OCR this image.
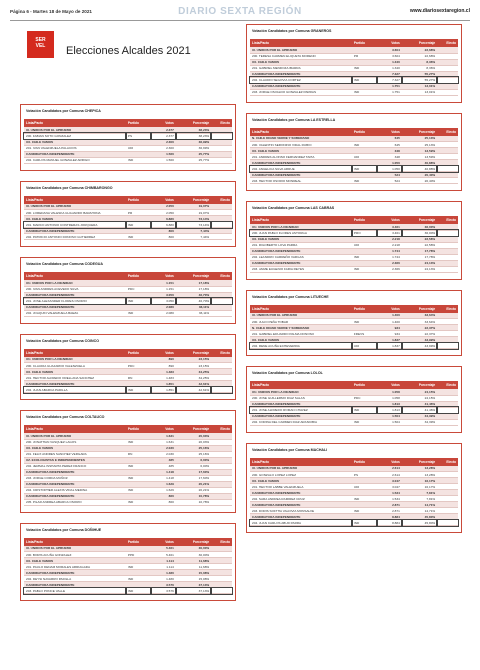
Página 6 - Martes 18 de Mayo de 2021	DIARIO SEXTA REGIÓN	www.diariosextaregion.cl
SER
VEL	Elecciones Alcaldes 2021
Votación Candidatos por Comuna CHEPICA
Lista/Pacto	Partido	Votos	Porcentaje	Electo
XI. UNIDOS POR EL APRUEBO		2.377	38,23%	
200. FABIAN SOTO GONZALEZ	PS	2.377	38,23%	
XX. CHILE VAMOS		2.300	36,99%	
201. IVAN VALENZUELA PALACIOS	UDI	2.300	36,99%	
CANDIDATURA INDEPENDIENTE		1.560	25,77%	
202. CARLOS MANUEL GONZALEZ ARRIGO	IND	1.560	25,77%	
Votación Candidatos por Comuna CHIMBARONGO
Lista/Pacto	Partido	Votos	Porcentaje	Electo
XI. UNIDOS POR EL APRUEBO		2.050	19,07%	
200. LOREDANA VALESKA GUAJARDO BARAHONA	PR	2.050	19,07%	
XX. CHILE VAMOS		6.880	73,14%	
201. MARCO ANTONIO CONTRERAS JORQUERA	IND	6.880	73,14%	
CANDIDATURA INDEPENDIENTE		800	7,44%	
202. PATRICIO ANTONIO DONOSO GUTIERREZ	IND	800	7,44%	
Votación Candidatos por Comuna CODEGUA
Lista/Pacto	Partido	Votos	Porcentaje	Electo
XU. UNIDOS POR LA DIGNIDAD		1.151	17,18%	
200. IVAN ANDRES ACEVEDO SILVA	PDC	1.151	17,18%	
CANDIDATURA INDEPENDIENTE		3.050	46,70%	
201. JOSE ALEXANDER FLORES OSORIO	IND	3.050	46,70%	
CANDIDATURA INDEPENDIENTE		2.080	36,11%	
202. JOAQUIN VALENZUELA BAEZA	IND	2.080	36,11%	
Votación Candidatos por Comuna COINCO
Lista/Pacto	Partido	Votos	Porcentaje	Electo
XU. UNIDOS POR LA DIGNIDAD		890	23,15%	
200. CLAUDIA GUAJARDO VALENZUELA	PDC	890	23,15%	
XX. CHILE VAMOS		1.483	34,25%	
201. HECTOR ALFREDO ORELLANA SANCHEZ	RN	1.483	34,25%	
CANDIDATURA INDEPENDIENTE		1.851	42,61%	
202. JUAN ABARCA PADILLA	IND	1.851	42,61%	
Votación Candidatos por Comuna COLTAUCO
Lista/Pacto	Partido	Votos	Porcentaje	Electo
XI. UNIDOS POR EL APRUEBO		1.631	20,03%	
200. JONATHAN VASQUEZ LAGOS	IND	1.631	20,03%	
XX. CHILE VAMOS		2.030	25,16%	
201. FELIX ANDRES SANCHEZ VERGARA	RN	2.030	25,16%	
XZ. ECOLOGISTAS E INDEPENDIENTES		485	6,00%	
202. JEMMAL ISSHARTA PEREZ FRANCO	IND	485	6,00%	
CANDIDATURA INDEPENDIENTE		1.418	17,60%	
203. JORGE CORDA MUÑOZ	IND	1.418	17,60%	
CANDIDATURA INDEPENDIENTE		1.629	20,21%	
204. CRISTOPHER ALEXIS VIDAL MEDINA	IND	1.629	20,21%	
CANDIDATURA INDEPENDIENTE		860	10,78%	
205. PILAR ANDREA ABARCA OSORIO	IND	860	10,78%	
Votación Candidatos por Comuna DOÑIHUE
Lista/Pacto	Partido	Votos	Porcentaje	Electo
XI. UNIDOS POR EL APRUEBO		5.461	30,00%	
200. BORIS ACUÑA GONZALEZ	PPD	5.461	30,00%	
XX. CHILE VAMOS		1.114	11,68%	
201. PAULO DENAM MORALES ARRIAGADA	IND	1.114	11,68%	
CANDIDATURA INDEPENDIENTE		1.480	15,08%	
202. DEYSI NAVARRO PADILLA	IND	1.480	15,08%	
CANDIDATURA INDEPENDIENTE		3.576	37,13%	
203. PABLO PONCE VALLE	IND	3.576	37,13%	
Votación Candidatos por Comuna GRANEROS
Lista/Pacto	Partido	Votos	Porcentaje	Electo
XI. UNIDOS POR EL APRUEBO		3.604	22,68%	
200. TERESA CARMEN ELIQUETA MORENO	PR	3.604	22,68%	
XX. CHILE VAMOS		1.340	8,36%	
201. GABRIEL MENDOZA IBARRA	IND	1.340	8,36%	
CANDIDATURA INDEPENDIENTE		7.327	55,27%	
202. CLAUDIO SEGOVIA CORTEZ	IND	7.327	55,27%	
CANDIDATURA INDEPENDIENTE		1.751	13,01%	
203. JORGE OSVALDO GONZALEZ PARRAS	IND	1.751	13,01%	
Votación Candidatos por Comuna LA ESTRELLA
Lista/Pacto	Partido	Votos	Porcentaje	Electo
N. CHILE DIGNO VERDE Y SOBERANO		645	25,13%	
200. VALENTIN SERONINO VIDAL RUBIO	IND	645	25,13%	
XX. CHILE VAMOS		348	13,59%	
201. ANDRES ALONSO FERNANDEZ TAPIA	UDI	348	13,59%	
CANDIDATURA INDEPENDIENTE		1.050	40,88%	
202. ANGELICA SILVA ARRUE	IND	1.050	40,88%	
CANDIDATURA INDEPENDIENTE		524	20,40%	
203. HECTOR OSORIO MONREAL	IND	524	20,40%	
Votación Candidatos por Comuna LAS CABRAS
Lista/Pacto	Partido	Votos	Porcentaje	Electo
XU. UNIDOS POR LA DIGNIDAD		3.461	36,00%	
200. JUAN PABLO FLORES ASTORGA	PRO	3.461	36,00%	
XX. CHILE VAMOS		2.218	22,58%	
201. RIGOBERTO LOVA PARRA	UDI	2.218	22,58%	
CANDIDATURA INDEPENDIENTE		1.744	17,78%	
202. LEANDRO CARREÑO VARGAS	IND	1.744	17,78%	
CANDIDATURA INDEPENDIENTE		2.366	24,13%	
203. JAIME EUGENIO FARIA REYES	IND	2.366	24,13%	
Votación Candidatos por Comuna LITUECHE
Lista/Pacto	Partido	Votos	Porcentaje	Electo
XI. UNIDOS POR EL APRUEBO		1.400	33,64%	
200. JULIO PEÑA TOBAR	IND	1.400	33,64%	
N. CHILE DIGNO VERDE Y SOBERANO		934	22,37%	
201. GABRIEL EDUARDO PALMA DONOSO	FREVS	934	22,37%	
XX. CHILE VAMOS		1.837	43,99%	
202. RENE ACUÑA ECHEVERRIA	UDI	1.837	43,99%	
Votación Candidatos por Comuna LOLOL
Lista/Pacto	Partido	Votos	Porcentaje	Electo
XU. UNIDOS POR LA DIGNIDAD		1.058	24,15%	
200. JOSE GUILLERMO DIAZ SALAS	PDC	1.058	24,15%	
CANDIDATURA INDEPENDIENTE		1.813	41,46%	
201. JOSE ALFREDO ROMAN CHAVEZ	IND	1.813	41,46%	
CANDIDATURA INDEPENDIENTE		1.504	34,39%	
202. CORINA DEL CARMEN DIAZ ARANCIBIA	IND	1.504	34,39%	
Votación Candidatos por Comuna MACHALI
Lista/Pacto	Partido	Votos	Porcentaje	Electo
XI. UNIDOS POR EL APRUEBO		2.614	13,28%	
200. GONZALO LOPEZ LOPEZ	PS	2.614	13,28%	
XX. CHILE VAMOS		3.047	16,17%	
201. HECTOR LABBE VALENZUELA	UDI	3.047	16,17%	
CANDIDATURA INDEPENDIENTE		1.534	7,81%	
202. SARA ANDREA RAMIREZ CRUZ	IND	1.534	7,81%	
CANDIDATURA INDEPENDIENTE		2.871	14,71%	
203. DORIS SOFTHA VALDIVIA MONSALVE	IND	2.871	14,71%	
CANDIDATURA INDEPENDIENTE		8.884	45,80%	
204. JUAN CARLOS ABUD PARRA	IND	8.884	45,80%	
